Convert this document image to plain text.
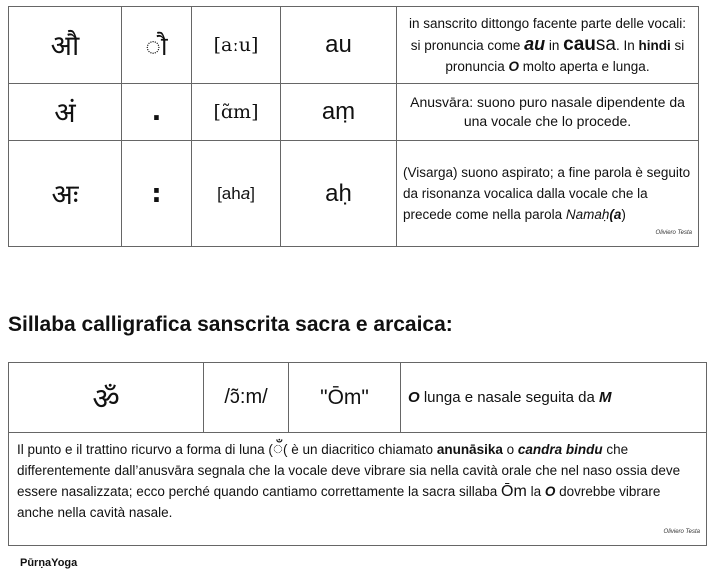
औ	ौ	[aːu]	au	in sanscrito dittongo facente parte delle vocali: si pronuncia come au in causa. In hindi si pronuncia O molto aperta e lunga.
अं	.	[ɑ̃m]	aṃ	Anusvāra: suono puro nasale dipendente da una vocale che lo procede.
अः	:	[aha]	aḥ	(Visarga) suono aspirato; a fine parola è seguito da risonanza vocalica dalla vocale che la precede come nella parola Namaḥ(a)
Oliviero Testa
Sillaba calligrafica sanscrita sacra e arcaica:
ॐ	/ɔ̃:m/	"Ōm"	O lunga e nasale seguita da M
Il punto e il trattino ricurvo a forma di luna (ँ( è un diacritico chiamato anunāsika o candra bindu che differentemente dall’anusvāra segnala che la vocale deve vibrare sia nella cavità orale che nel naso ossia deve essere nasalizzata; ecco perché quando cantiamo correttamente la sacra sillaba Ōm la O dovrebbe vibrare anche nella cavità nasale.
Oliviero Testa
PūrṇaYoga
